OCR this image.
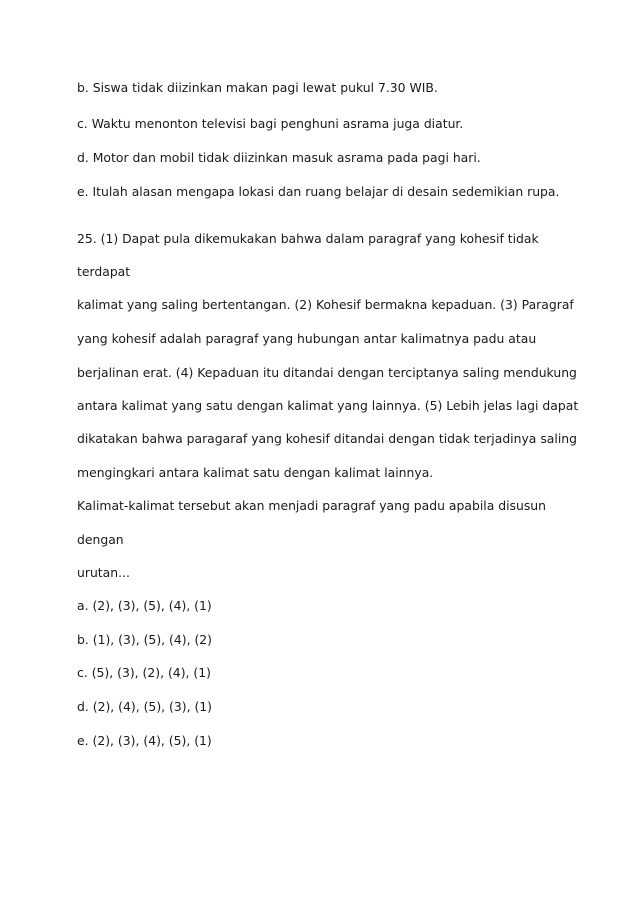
b. Siswa tidak diizinkan makan pagi lewat pukul 7.30 WIB.
c. Waktu menonton televisi bagi penghuni asrama juga diatur.
d. Motor dan mobil tidak diizinkan masuk asrama pada pagi hari.
e. Itulah alasan mengapa lokasi dan ruang belajar di desain sedemikian rupa.
25. (1) Dapat pula dikemukakan bahwa dalam paragraf yang kohesif tidak
terdapat
kalimat yang saling bertentangan. (2) Kohesif bermakna kepaduan. (3) Paragraf
yang kohesif adalah paragraf yang hubungan antar kalimatnya padu atau
berjalinan erat. (4) Kepaduan itu ditandai dengan terciptanya saling mendukung
antara kalimat yang satu dengan kalimat yang lainnya. (5) Lebih jelas lagi dapat
dikatakan bahwa paragaraf yang kohesif ditandai dengan tidak terjadinya saling
mengingkari antara kalimat satu dengan kalimat lainnya.
Kalimat-kalimat tersebut akan menjadi paragraf yang padu apabila disusun
dengan
urutan...
a. (2), (3), (5), (4), (1)
b. (1), (3), (5), (4), (2)
c. (5), (3), (2), (4), (1)
d. (2), (4), (5), (3), (1)
e. (2), (3), (4), (5), (1)
